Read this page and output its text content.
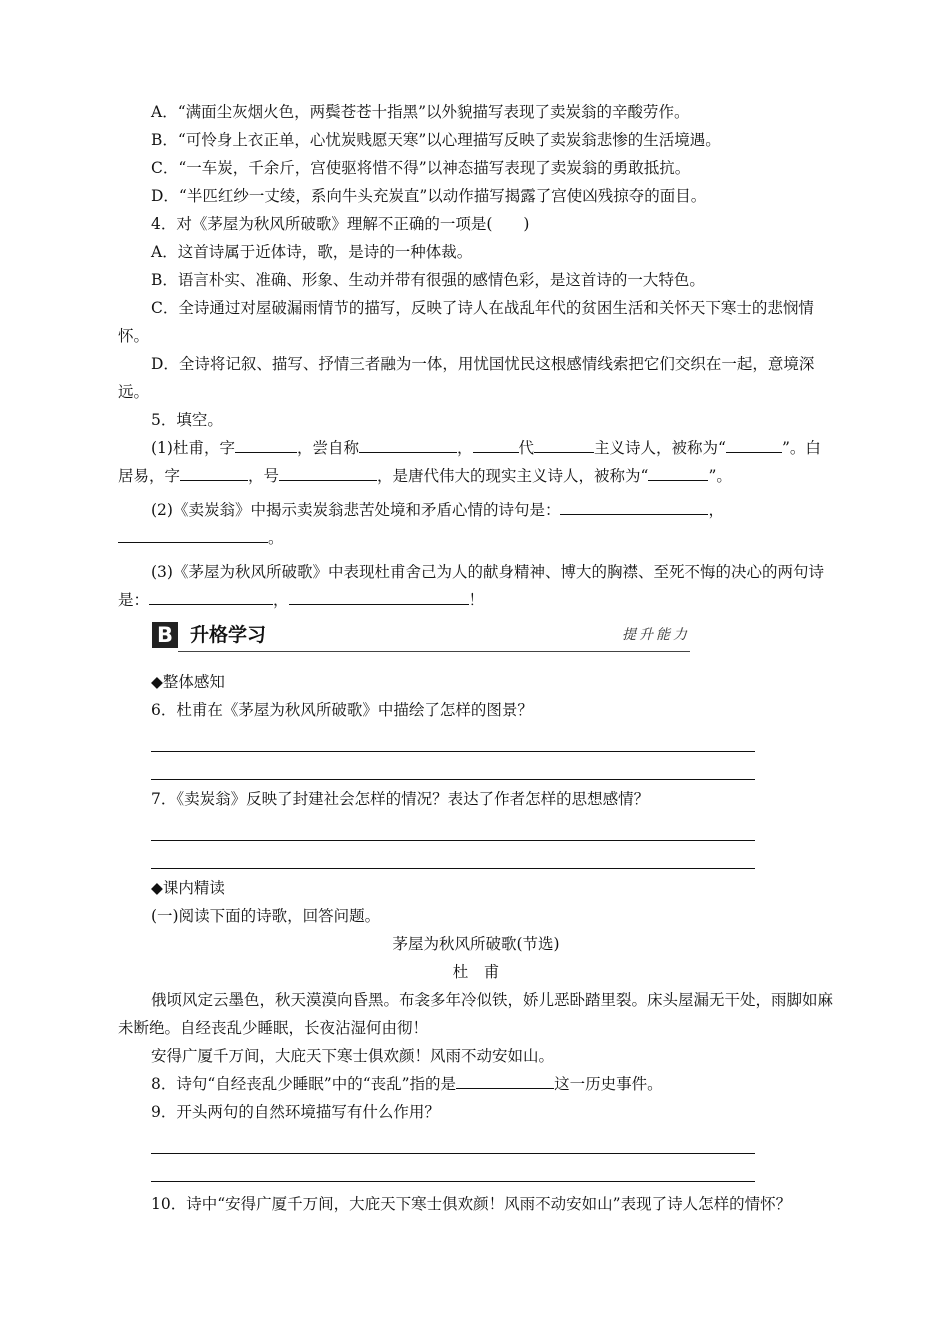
A．“满面尘灰烟火色，两鬓苍苍十指黑”以外貌描写表现了卖炭翁的辛酸劳作。
B．“可怜身上衣正单，心忧炭贱愿天寒”以心理描写反映了卖炭翁悲惨的生活境遇。
C．“一车炭，千余斤，宫使驱将惜不得”以神态描写表现了卖炭翁的勇敢抵抗。
D．“半匹红纱一丈绫，系向牛头充炭直”以动作描写揭露了宫使凶残掠夺的面目。
4．对《茅屋为秋风所破歌》理解不正确的一项是(　　)
A．这首诗属于近体诗，歌，是诗的一种体裁。
B．语言朴实、准确、形象、生动并带有很强的感情色彩，是这首诗的一大特色。
C．全诗通过对屋破漏雨情节的描写，反映了诗人在战乱年代的贫困生活和关怀天下寒士的悲悯情怀。
D．全诗将记叙、描写、抒情三者融为一体，用忧国忧民这根感情线索把它们交织在一起，意境深远。
5．填空。
(1)杜甫，字	，尝自称	，	代	主义诗人，被称为“	”。白居易，字	，号	，是唐代伟大的现实主义诗人，被称为“	”。
(2)《卖炭翁》中揭示卖炭翁悲苦处境和矛盾心情的诗句是：	，。
(3)《茅屋为秋风所破歌》中表现杜甫舍己为人的献身精神、博大的胸襟、至死不悔的决心的两句诗是：	，	！
B 升格学习	提升能力
◆整体感知
6．杜甫在《茅屋为秋风所破歌》中描绘了怎样的图景？
7．《卖炭翁》反映了封建社会怎样的情况？表达了作者怎样的思想感情？
◆课内精读
(一)阅读下面的诗歌，回答问题。
茅屋为秋风所破歌(节选)
杜　甫
俄顷风定云墨色，秋天漠漠向昏黑。布衾多年冷似铁，娇儿恶卧踏里裂。床头屋漏无干处，雨脚如麻未断绝。自经丧乱少睡眠，长夜沾湿何由彻！
安得广厦千万间，大庇天下寒士俱欢颜！风雨不动安如山。
8．诗句“自经丧乱少睡眠”中的“丧乱”指的是	这一历史事件。
9．开头两句的自然环境描写有什么作用？
10．诗中“安得广厦千万间，大庇天下寒士俱欢颜！风雨不动安如山”表现了诗人怎样的情怀？
